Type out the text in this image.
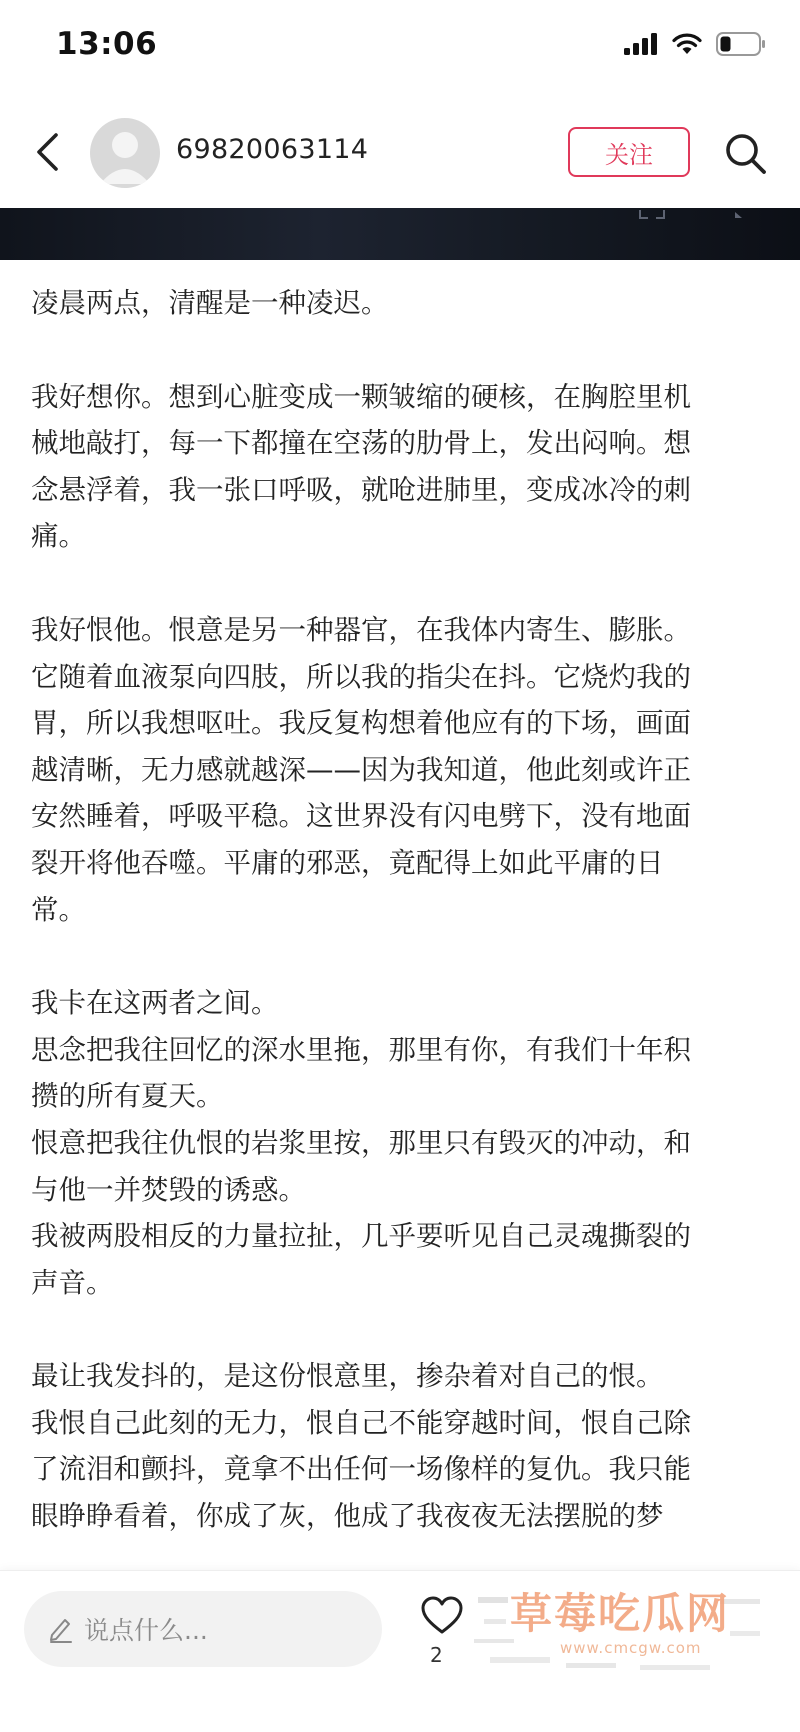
13:06
69820063114	关注

凌晨两点，清醒是一种凌迟。

我好想你。想到心脏变成一颗皱缩的硬核，在胸腔里机
械地敲打，每一下都撞在空荡的肋骨上，发出闷响。想
念悬浮着，我一张口呼吸，就呛进肺里，变成冰冷的刺
痛。

我好恨他。恨意是另一种器官，在我体内寄生、膨胀。
它随着血液泵向四肢，所以我的指尖在抖。它烧灼我的
胃，所以我想呕吐。我反复构想着他应有的下场，画面
越清晰，无力感就越深——因为我知道，他此刻或许正
安然睡着，呼吸平稳。这世界没有闪电劈下，没有地面
裂开将他吞噬。平庸的邪恶，竟配得上如此平庸的日
常。

我卡在这两者之间。
思念把我往回忆的深水里拖，那里有你，有我们十年积
攒的所有夏天。
恨意把我往仇恨的岩浆里按，那里只有毁灭的冲动，和
与他一并焚毁的诱惑。
我被两股相反的力量拉扯，几乎要听见自己灵魂撕裂的
声音。

最让我发抖的，是这份恨意里，掺杂着对自己的恨。
我恨自己此刻的无力，恨自己不能穿越时间，恨自己除
了流泪和颤抖，竟拿不出任何一场像样的复仇。我只能
眼睁睁看着，你成了灰，他成了我夜夜无法摆脱的梦

说点什么...
2
草莓吃瓜网
www.cmcgw.com
